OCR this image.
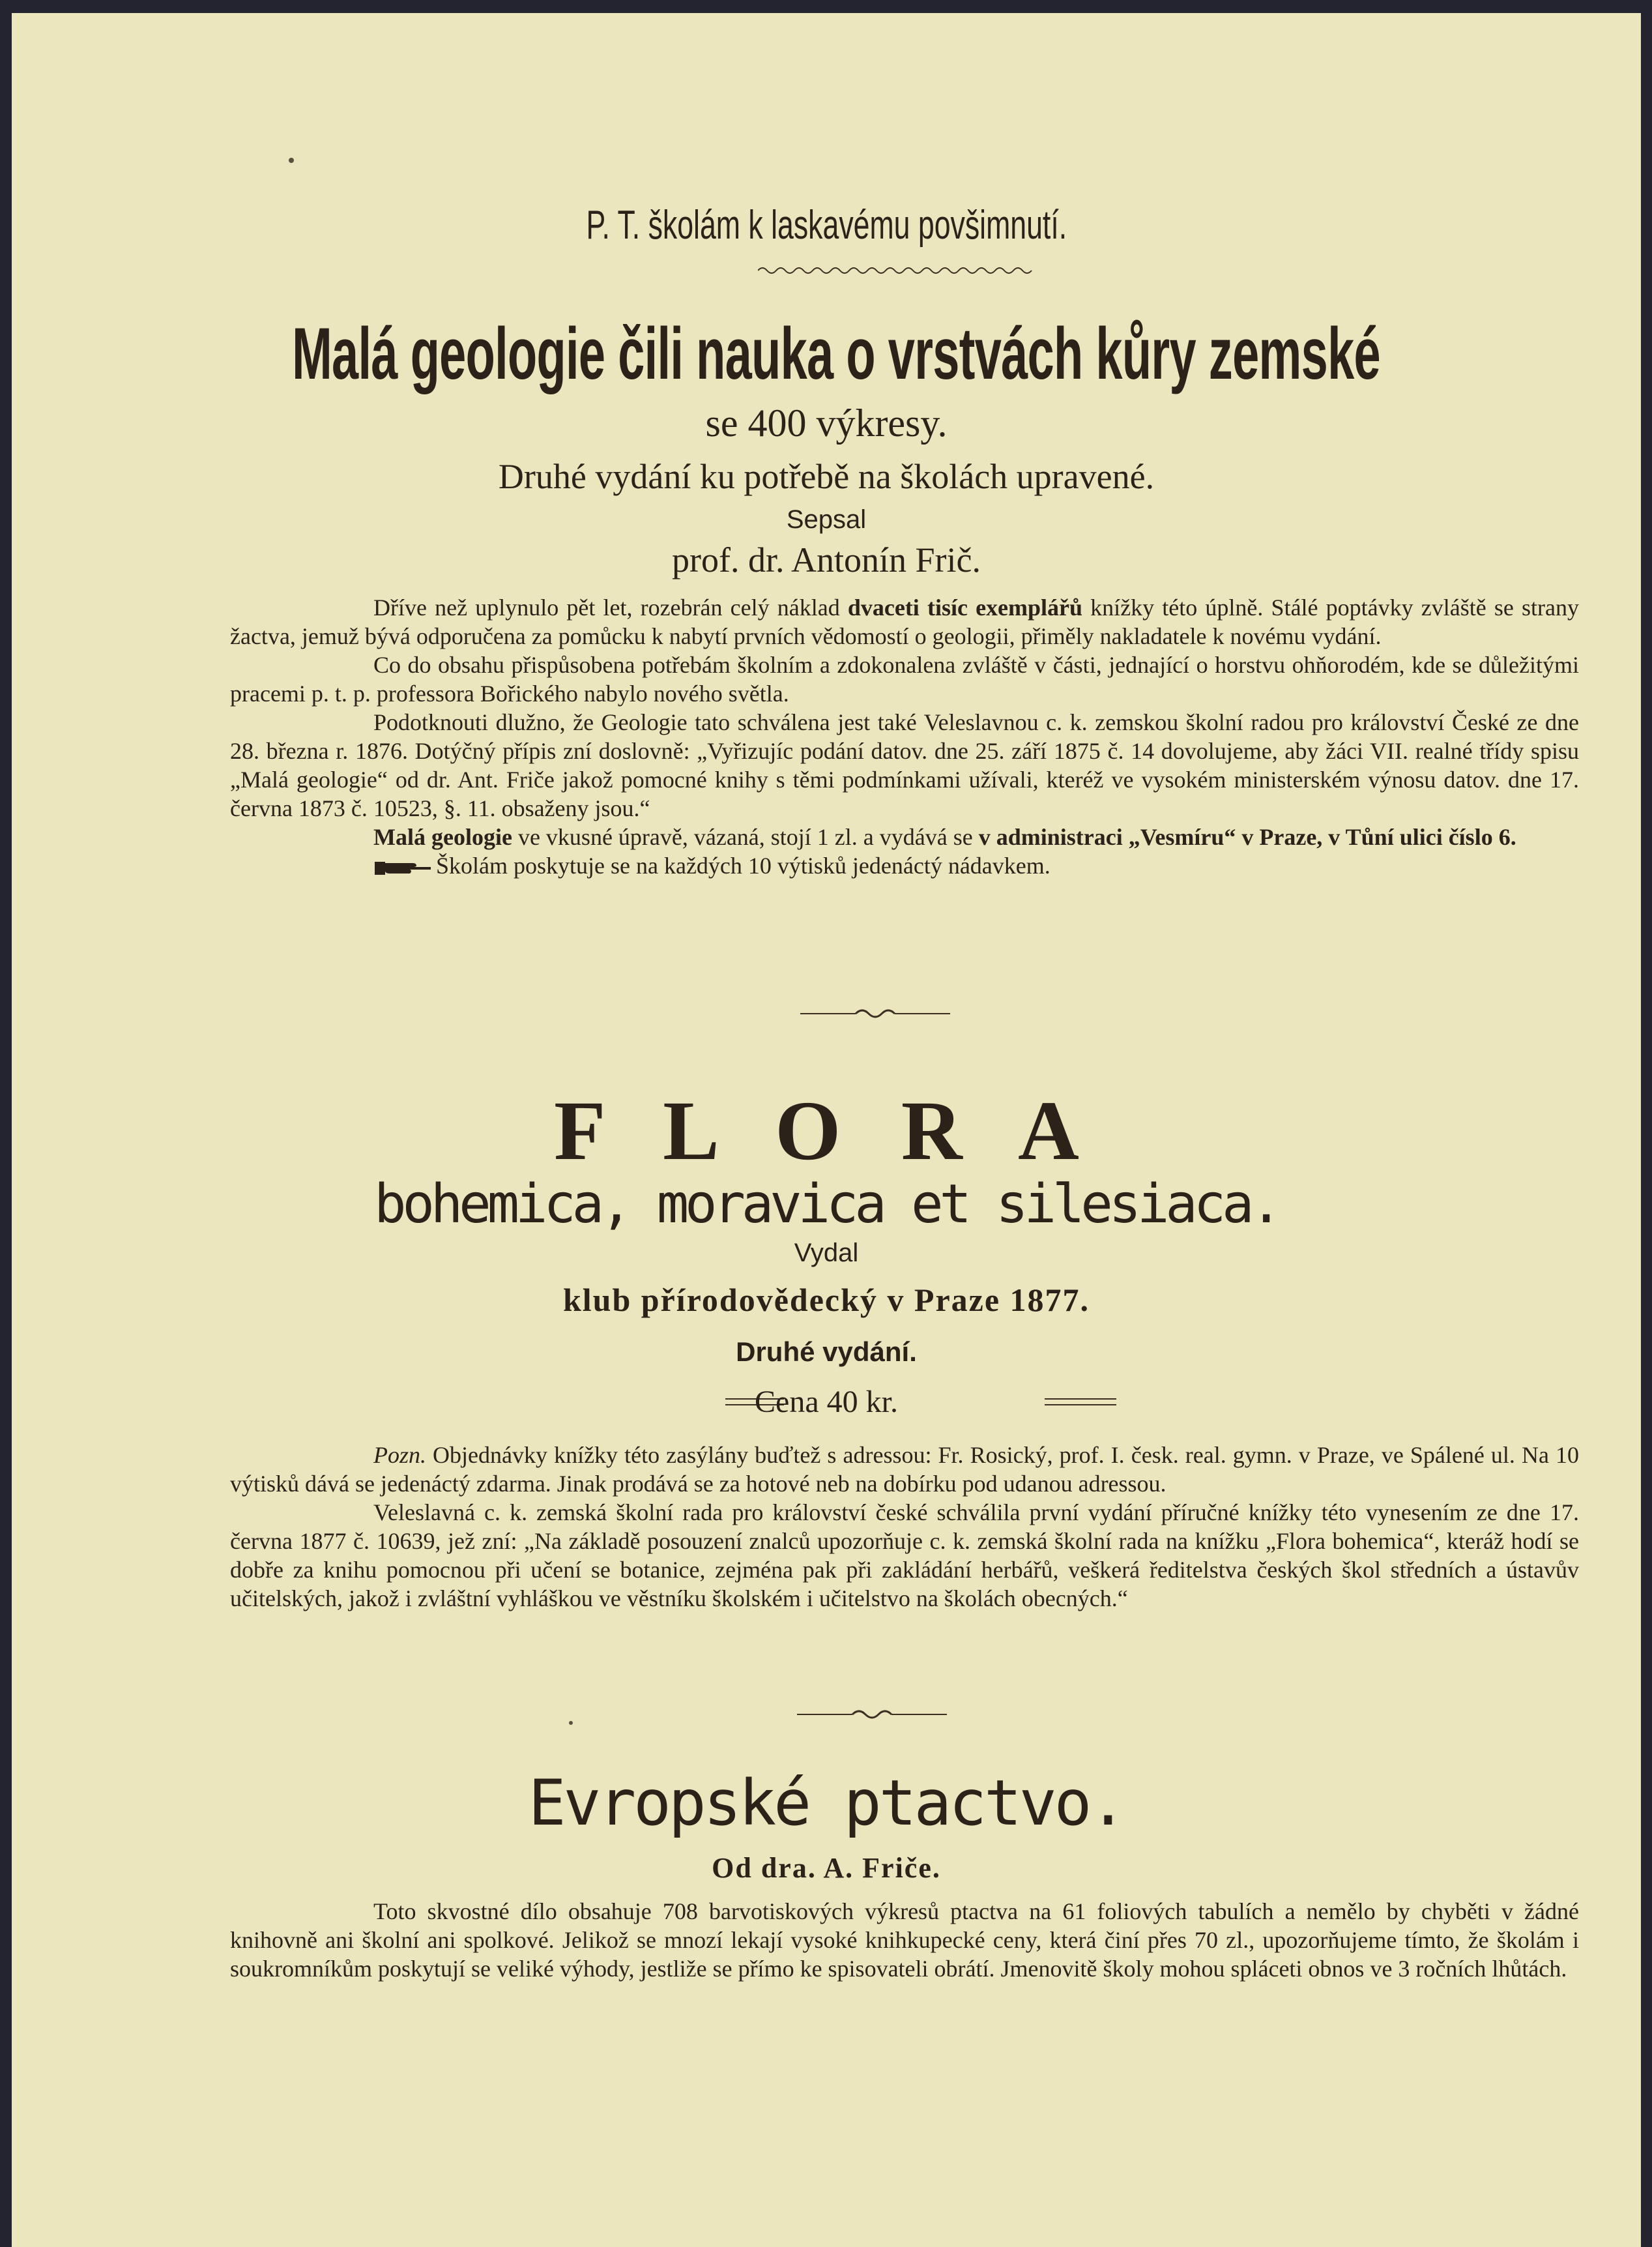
P. T. školám k laskavému povšimnutí.
Malá geologie čili nauka o vrstvách kůry zemské
se 400 výkresy.
Druhé vydání ku potřebě na školách upravené.
Sepsal
prof. dr. Antonín Frič.

Dříve než uplynulo pět let, rozebrán celý náklad dvaceti tisíc exemplářů knížky této úplně. Stálé poptávky zvláště se strany žactva, jemuž bývá odporučena za pomůcku k nabytí prvních vědomostí o geologii, přiměly nakladatele k novému vydání.

Co do obsahu přispůsobena potřebám školním a zdokonalena zvláště v části, jednající o horstvu ohňorodém, kde se důležitými pracemi p. t. p. professora Bořického nabylo nového světla.

Podotknouti dlužno, že Geologie tato schválena jest také Veleslavnou c. k. zemskou školní radou pro království České ze dne 28. března r. 1876. Dotýčný přípis zní doslovně: „Vyřizujíc podání datov. dne 25. září 1875 č. 14 dovolujeme, aby žáci VII. realné třídy spisu „Malá geologie“ od dr. Ant. Friče jakož pomocné knihy s těmi podmínkami užívali, kteréž ve vysokém ministerském výnosu datov. dne 17. června 1873 č. 10523, §. 11. obsaženy jsou.“

Malá geologie ve vkusné úpravě, vázaná, stojí 1 zl. a vydává se v administraci „Vesmíru“ v Praze, v Tůní ulici číslo 6.

Školám poskytuje se na každých 10 výtisků jedenáctý nádavkem.

F L O R A
bohemica, moravica et silesiaca.
Vydal
klub přírodovědecký v Praze 1877.
Druhé vydání.
Cena 40 kr.

Pozn. Objednávky knížky této zasýlány buďtež s adressou: Fr. Rosický, prof. I. česk. real. gymn. v Praze, ve Spálené ul. Na 10 výtisků dává se jedenáctý zdarma. Jinak prodává se za hotové neb na dobírku pod udanou adressou.

Veleslavná c. k. zemská školní rada pro království české schválila první vydání příručné knížky této vynesením ze dne 17. června 1877 č. 10639, jež zní: „Na základě posouzení znalců upozorňuje c. k. zemská školní rada na knížku „Flora bohemica“, kteráž hodí se dobře za knihu pomocnou při učení se botanice, zejména pak při zakládání herbářů, veškerá ředitelstva českých škol středních a ústavův učitelských, jakož i zvláštní vyhláškou ve věstníku školském i učitelstvo na školách obecných.“

Evropské ptactvo.
Od dra. A. Friče.

Toto skvostné dílo obsahuje 708 barvotiskových výkresů ptactva na 61 foliových tabulích a nemělo by chyběti v žádné knihovně ani školní ani spolkové. Jelikož se mnozí lekají vysoké knihkupecké ceny, která činí přes 70 zl., upozorňujeme tímto, že školám i soukromníkům poskytují se veliké výhody, jestliže se přímo ke spisovateli obrátí. Jmenovitě školy mohou spláceti obnos ve 3 ročních lhůtách.
